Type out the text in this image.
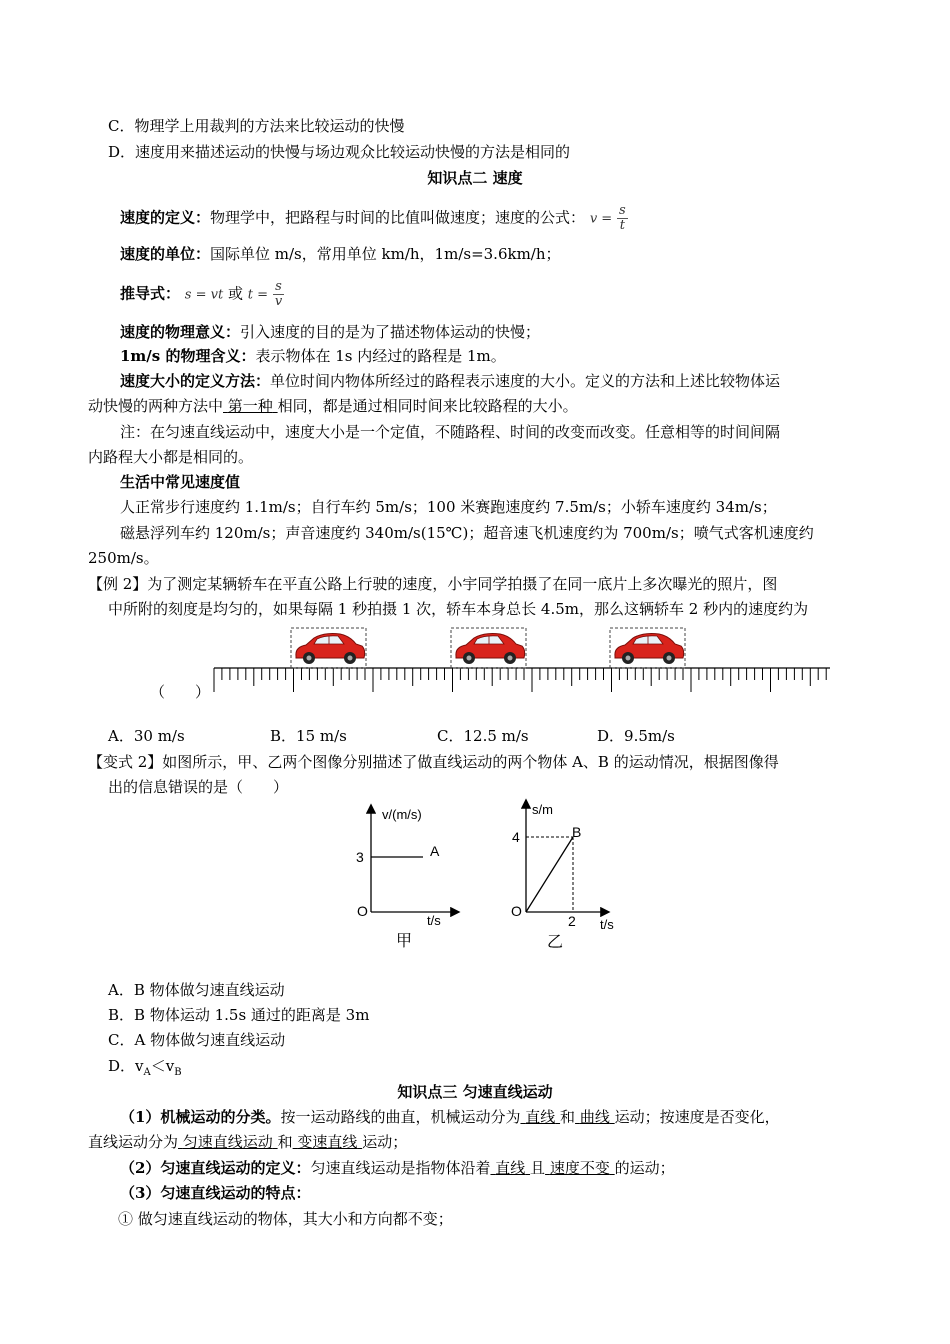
C．物理学上用裁判的方法来比较运动的快慢
D．速度用来描述运动的快慢与场边观众比较运动快慢的方法是相同的
知识点二 速度
速度的定义：物理学中，把路程与时间的比值叫做速度；速度的公式： $v = \frac{s}{t}$
速度的单位：国际单位 m/s，常用单位 km/h，1m/s=3.6km/h；
推导式： s = vt 或 $t = \frac{s}{v}$
速度的物理意义：引入速度的目的是为了描述物体运动的快慢；
1m/s 的物理含义：表示物体在 1s 内经过的路程是 1m。
速度大小的定义方法：单位时间内物体所经过的路程表示速度的大小。定义的方法和上述比较物体运
动快慢的两种方法中 第一种 相同，都是通过相同时间来比较路程的大小。
注：在匀速直线运动中，速度大小是一个定值，不随路程、时间的改变而改变。任意相等的时间间隔
内路程大小都是相同的。
生活中常见速度值
人正常步行速度约 1.1m/s；自行车约 5m/s；100 米赛跑速度约 7.5m/s；小轿车速度约 34m/s；
磁悬浮列车约 120m/s；声音速度约 340m/s(15℃)；超音速飞机速度约为 700m/s；喷气式客机速度约
250m/s。
【例 2】为了测定某辆轿车在平直公路上行驶的速度，小宇同学拍摄了在同一底片上多次曝光的照片，图
中所附的刻度是均匀的，如果每隔 1 秒拍摄 1 次，轿车本身总长 4.5m，那么这辆轿车 2 秒内的速度约为
（　　）
A．30 m/s	B．15 m/s	C．12.5 m/s	D．9.5m/s
【变式 2】如图所示，甲、乙两个图像分别描述了做直线运动的两个物体 A、B 的运动情况，根据图像得
出的信息错误的是（　　）
v/(m/s)
3	A
O
t/s
甲
s/m
4	B
O
2 t/s
乙
A．B 物体做匀速直线运动
B．B 物体运动 1.5s 通过的距离是 3m
C．A 物体做匀速直线运动
D．$v_A<v_B$
知识点三 匀速直线运动
（1）机械运动的分类。按一运动路线的曲直，机械运动分为 直线 和 曲线 运动；按速度是否变化，
直线运动分为 匀速直线运动 和 变速直线 运动；
（2）匀速直线运动的定义：匀速直线运动是指物体沿着 直线 且 速度不变 的运动；
（3）匀速直线运动的特点：
① 做匀速直线运动的物体，其大小和方向都不变；
